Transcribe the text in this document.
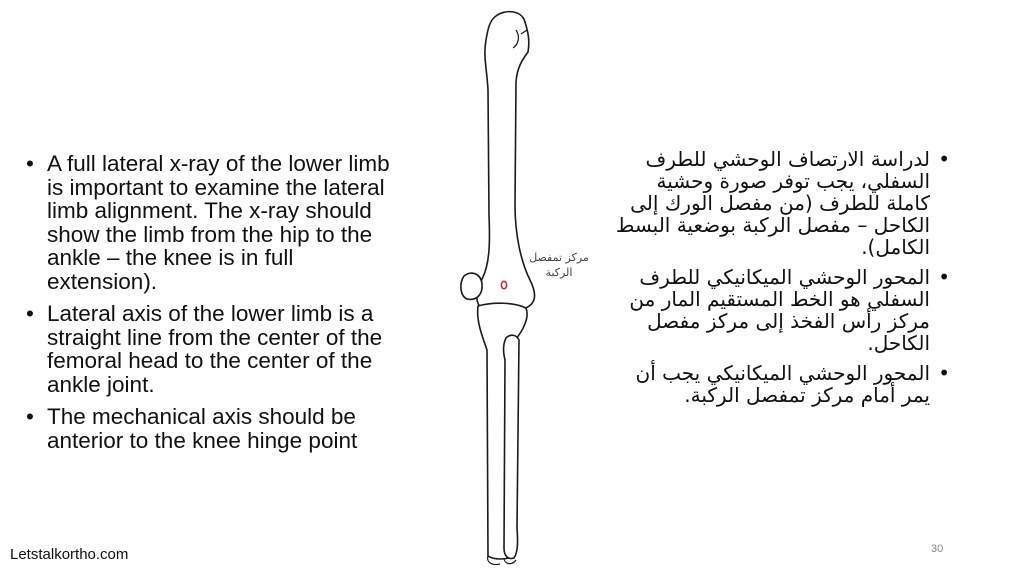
• A full lateral x-ray of the lower limb is important to examine the lateral limb alignment. The x-ray should show the limb from the hip to the ankle – the knee is in full extension).
• Lateral axis of the lower limb is a straight line from the center of the femoral head to the center of the ankle joint.
• The mechanical axis should be anterior to the knee hinge point
مركز تمفصل
الركبة
• لدراسة الارتصاف الوحشي للطرف السفلي، يجب توفر صورة وحشية كاملة للطرف (من مفصل الورك إلى الكاحل – مفصل الركبة بوضعية البسط الكامل).
• المحور الوحشي الميكانيكي للطرف السفلي هو الخط المستقيم المار من مركز رأس الفخذ إلى مركز مفصل الكاحل.
• المحور الوحشي الميكانيكي يجب أن يمر أمام مركز تمفصل الركبة.
Letstalkortho.com	30
